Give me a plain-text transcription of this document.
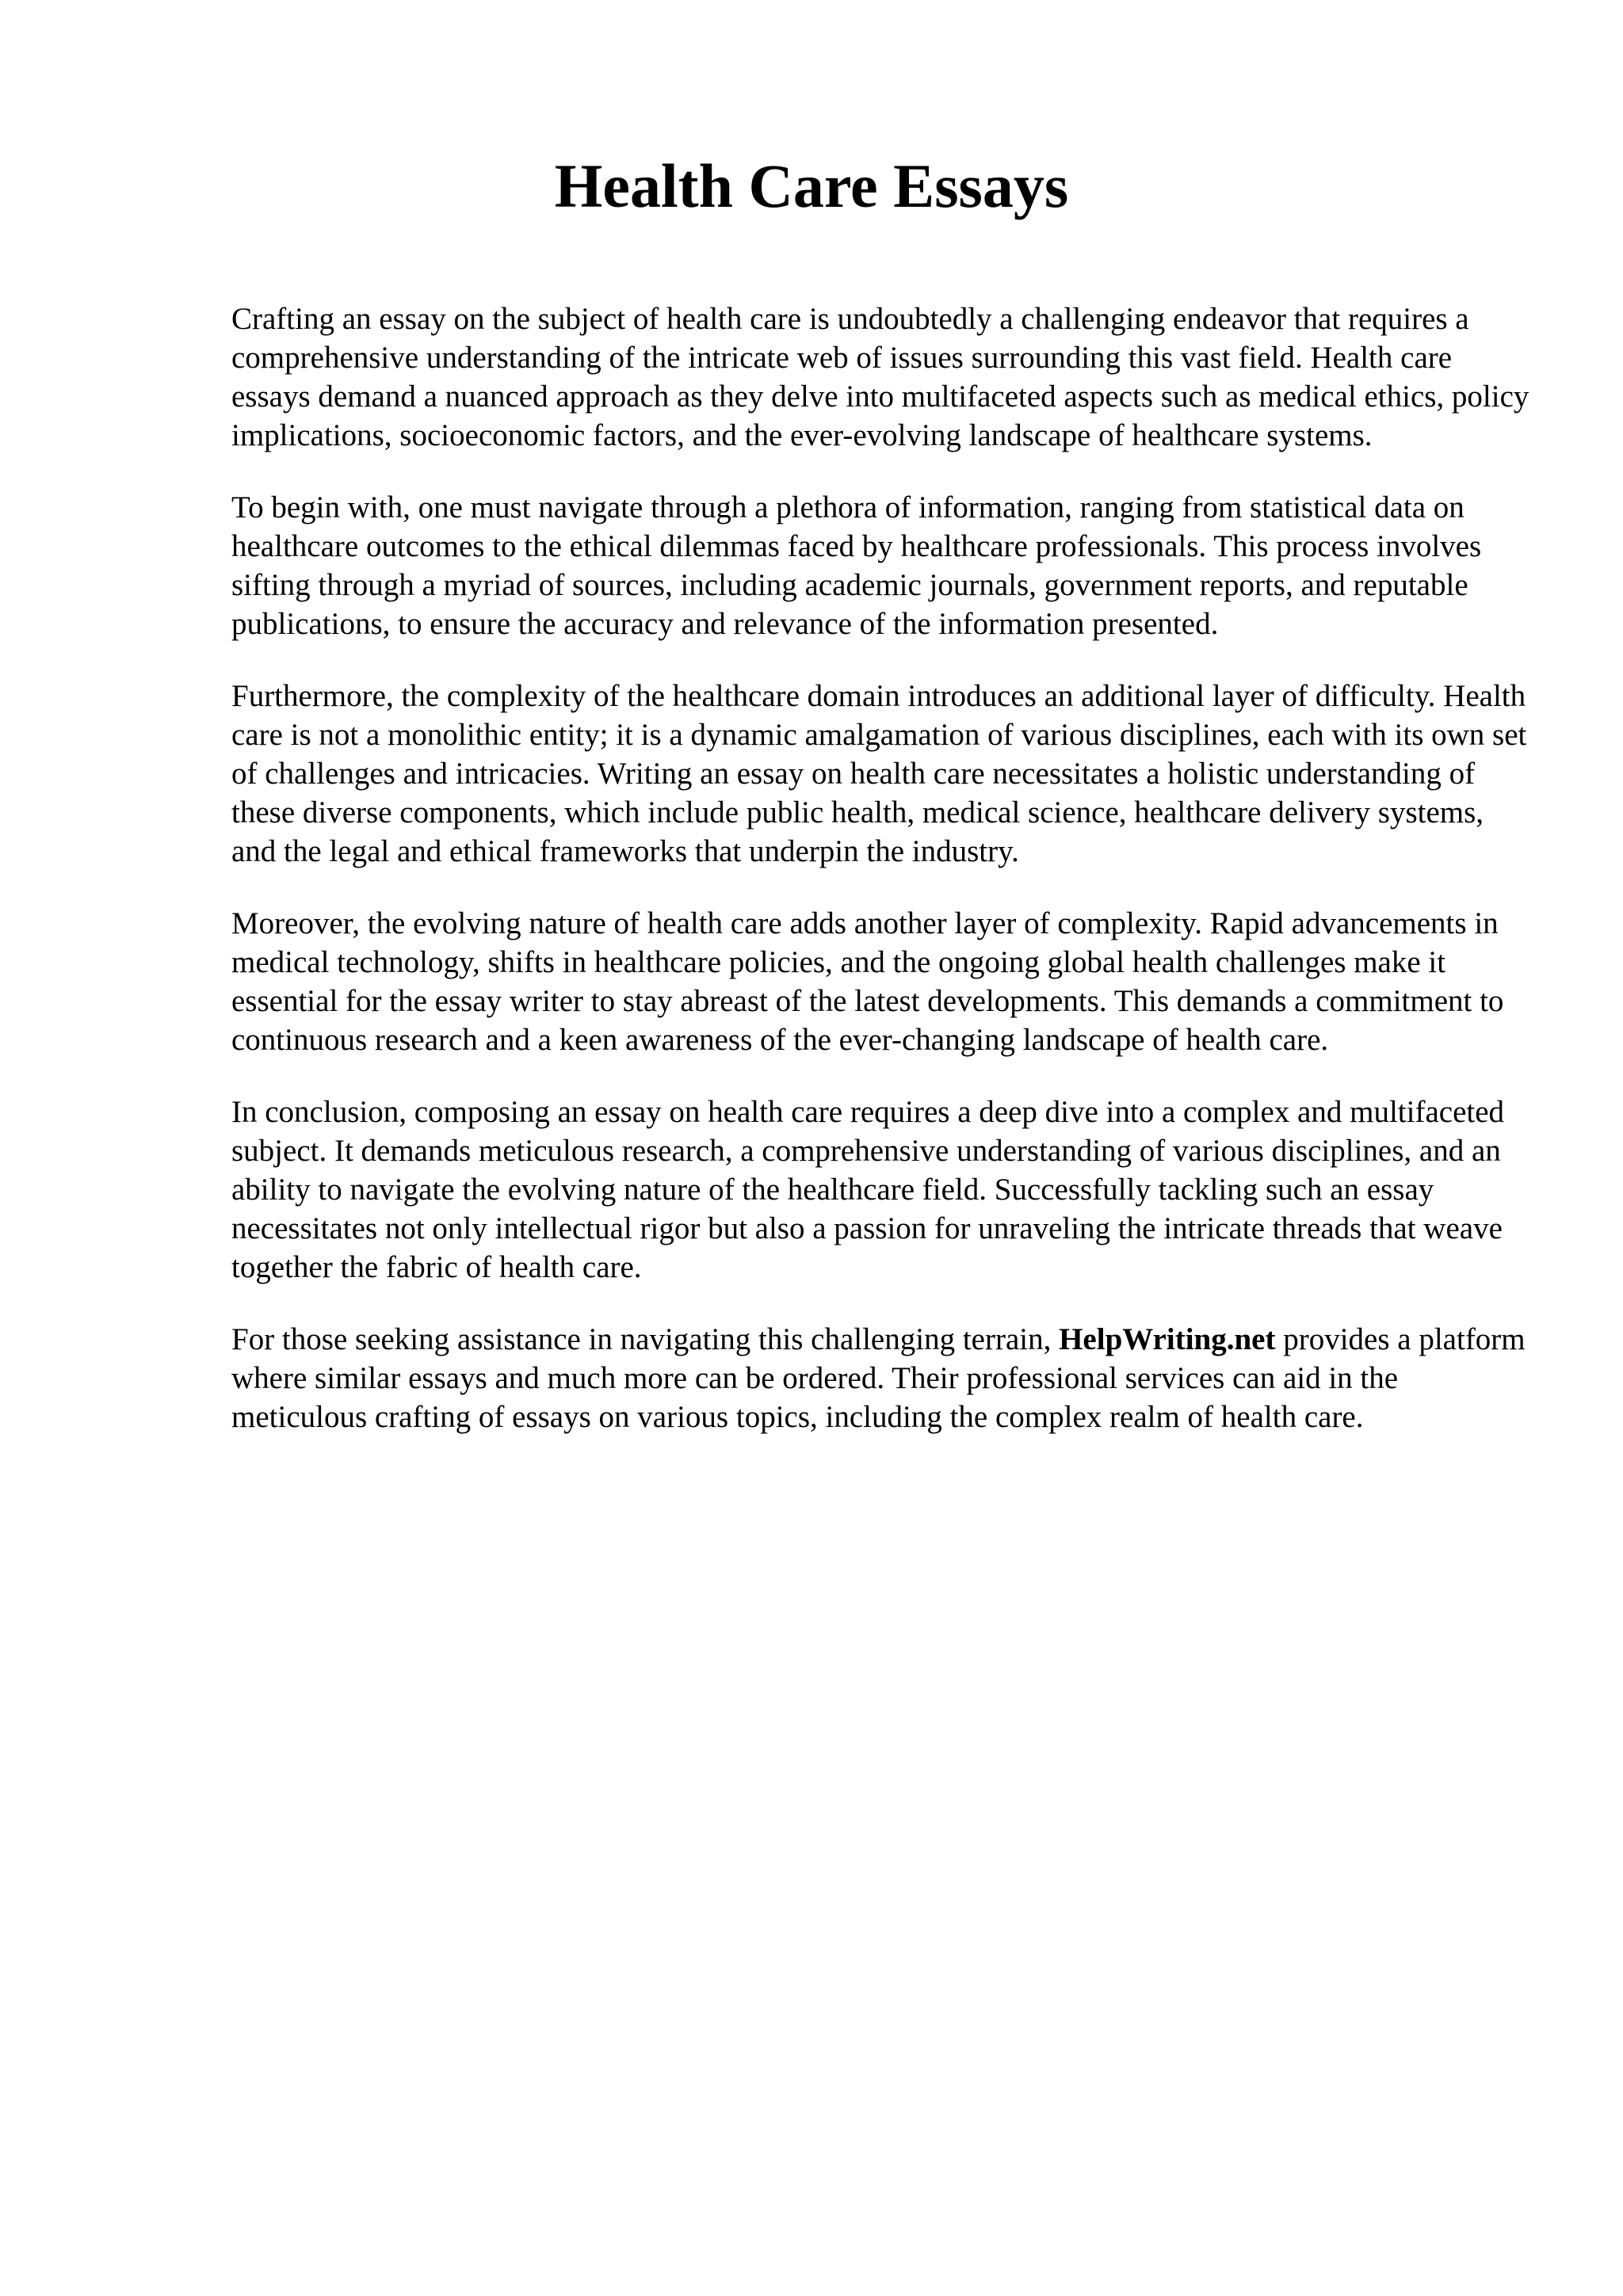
Health Care Essays

Crafting an essay on the subject of health care is undoubtedly a challenging endeavor that requires a comprehensive understanding of the intricate web of issues surrounding this vast field. Health care essays demand a nuanced approach as they delve into multifaceted aspects such as medical ethics, policy implications, socioeconomic factors, and the ever-evolving landscape of healthcare systems.

To begin with, one must navigate through a plethora of information, ranging from statistical data on healthcare outcomes to the ethical dilemmas faced by healthcare professionals. This process involves sifting through a myriad of sources, including academic journals, government reports, and reputable publications, to ensure the accuracy and relevance of the information presented.

Furthermore, the complexity of the healthcare domain introduces an additional layer of difficulty. Health care is not a monolithic entity; it is a dynamic amalgamation of various disciplines, each with its own set of challenges and intricacies. Writing an essay on health care necessitates a holistic understanding of these diverse components, which include public health, medical science, healthcare delivery systems, and the legal and ethical frameworks that underpin the industry.

Moreover, the evolving nature of health care adds another layer of complexity. Rapid advancements in medical technology, shifts in healthcare policies, and the ongoing global health challenges make it essential for the essay writer to stay abreast of the latest developments. This demands a commitment to continuous research and a keen awareness of the ever-changing landscape of health care.

In conclusion, composing an essay on health care requires a deep dive into a complex and multifaceted subject. It demands meticulous research, a comprehensive understanding of various disciplines, and an ability to navigate the evolving nature of the healthcare field. Successfully tackling such an essay necessitates not only intellectual rigor but also a passion for unraveling the intricate threads that weave together the fabric of health care.

For those seeking assistance in navigating this challenging terrain, HelpWriting.net provides a platform where similar essays and much more can be ordered. Their professional services can aid in the meticulous crafting of essays on various topics, including the complex realm of health care.
